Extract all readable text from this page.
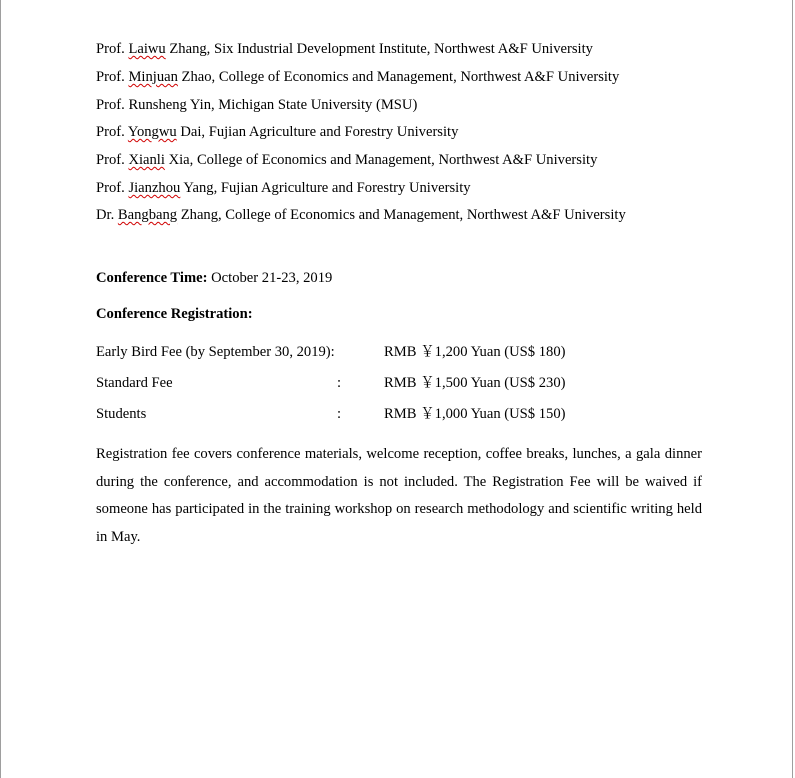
Prof. Laiwu Zhang, Six Industrial Development Institute, Northwest A&F University
Prof. Minjuan Zhao, College of Economics and Management, Northwest A&F University
Prof. Runsheng Yin, Michigan State University (MSU)
Prof. Yongwu Dai, Fujian Agriculture and Forestry University
Prof. Xianli Xia, College of Economics and Management, Northwest A&F University
Prof. Jianzhou Yang, Fujian Agriculture and Forestry University
Dr. Bangbang Zhang, College of Economics and Management, Northwest A&F University
Conference Time: October 21-23, 2019
Conference Registration:
Early Bird Fee (by September 30, 2019):	RMB ￥1,200 Yuan (US$ 180)
Standard Fee	:	RMB ￥1,500 Yuan (US$ 230)
Students	:	RMB ￥1,000 Yuan (US$ 150)
Registration fee covers conference materials, welcome reception, coffee breaks, lunches, a gala dinner during the conference, and accommodation is not included. The Registration Fee will be waived if someone has participated in the training workshop on research methodology and scientific writing held in May.
